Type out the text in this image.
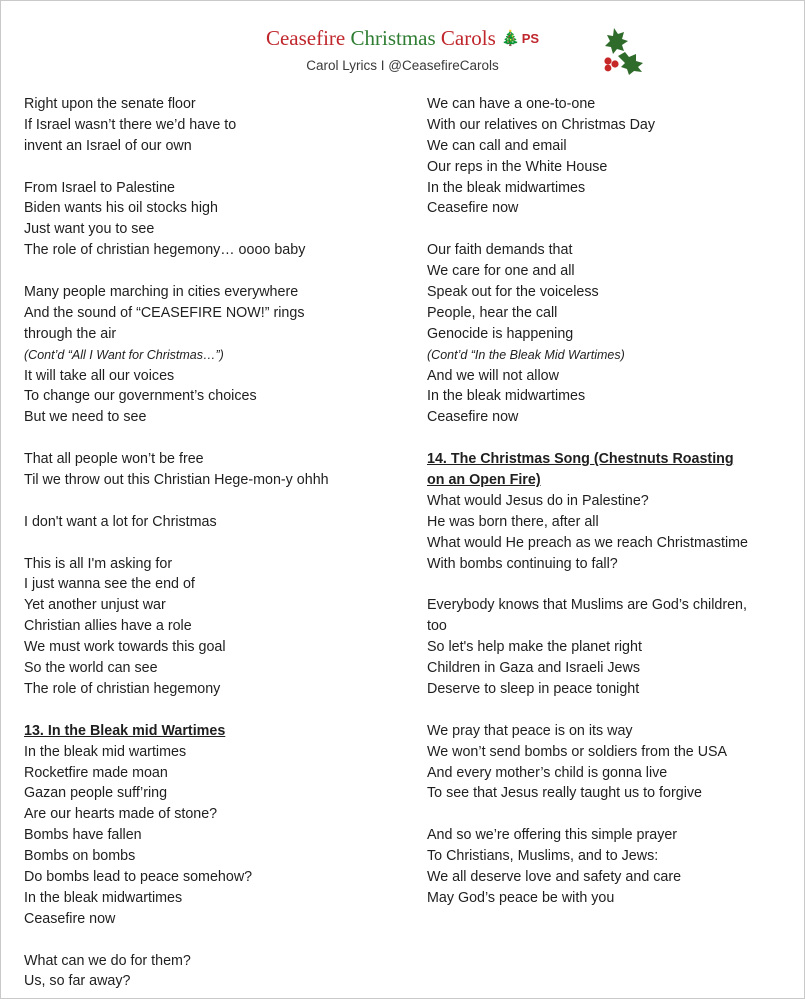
Ceasefire Christmas Carols 🎄 PS
Carol Lyrics I @CeasefireCarols
Right upon the senate floor
If Israel wasn’t there we’d have to
invent an Israel of our own
From Israel to Palestine
Biden wants his oil stocks high
Just want you to see
The role of christian hegemony… oooo baby
Many people marching in cities everywhere
And the sound of “CEASEFIRE NOW!” rings
through the air
(Cont’d “All I Want for Christmas…”)
It will take all our voices
To change our government’s choices
But we need to see
That all people won’t be free
Til we throw out this Christian Hege-mon-y ohhh
I don't want a lot for Christmas
This is all I'm asking for
I just wanna see the end of
Yet another unjust war
Christian allies have a role
We must work towards this goal
So the world can see
The role of christian hegemony
13. In the Bleak mid Wartimes
In the bleak mid wartimes
Rocketfire made moan
Gazan people suff’ring
Are our hearts made of stone?
Bombs have fallen
Bombs on bombs
Do bombs lead to peace somehow?
In the bleak midwartimes
Ceasefire now
What can we do for them?
Us, so far away?
We can have a one-to-one
With our relatives on Christmas Day
We can call and email
Our reps in the White House
In the bleak midwartimes
Ceasefire now
Our faith demands that
We care for one and all
Speak out for the voiceless
People, hear the call
Genocide is happening
(Cont’d “In the Bleak Mid Wartimes)
And we will not allow
In the bleak midwartimes
Ceasefire now
14. The Christmas Song (Chestnuts Roasting
on an Open Fire)
What would Jesus do in Palestine?
He was born there, after all
What would He preach as we reach Christmastime
With bombs continuing to fall?
Everybody knows that Muslims are God’s children,
too
So let's help make the planet right
Children in Gaza and Israeli Jews
Deserve to sleep in peace tonight
We pray that peace is on its way
We won’t send bombs or soldiers from the USA
And every mother’s child is gonna live
To see that Jesus really taught us to forgive
And so we’re offering this simple prayer
To Christians, Muslims, and to Jews:
We all deserve love and safety and care
May God’s peace be with you
